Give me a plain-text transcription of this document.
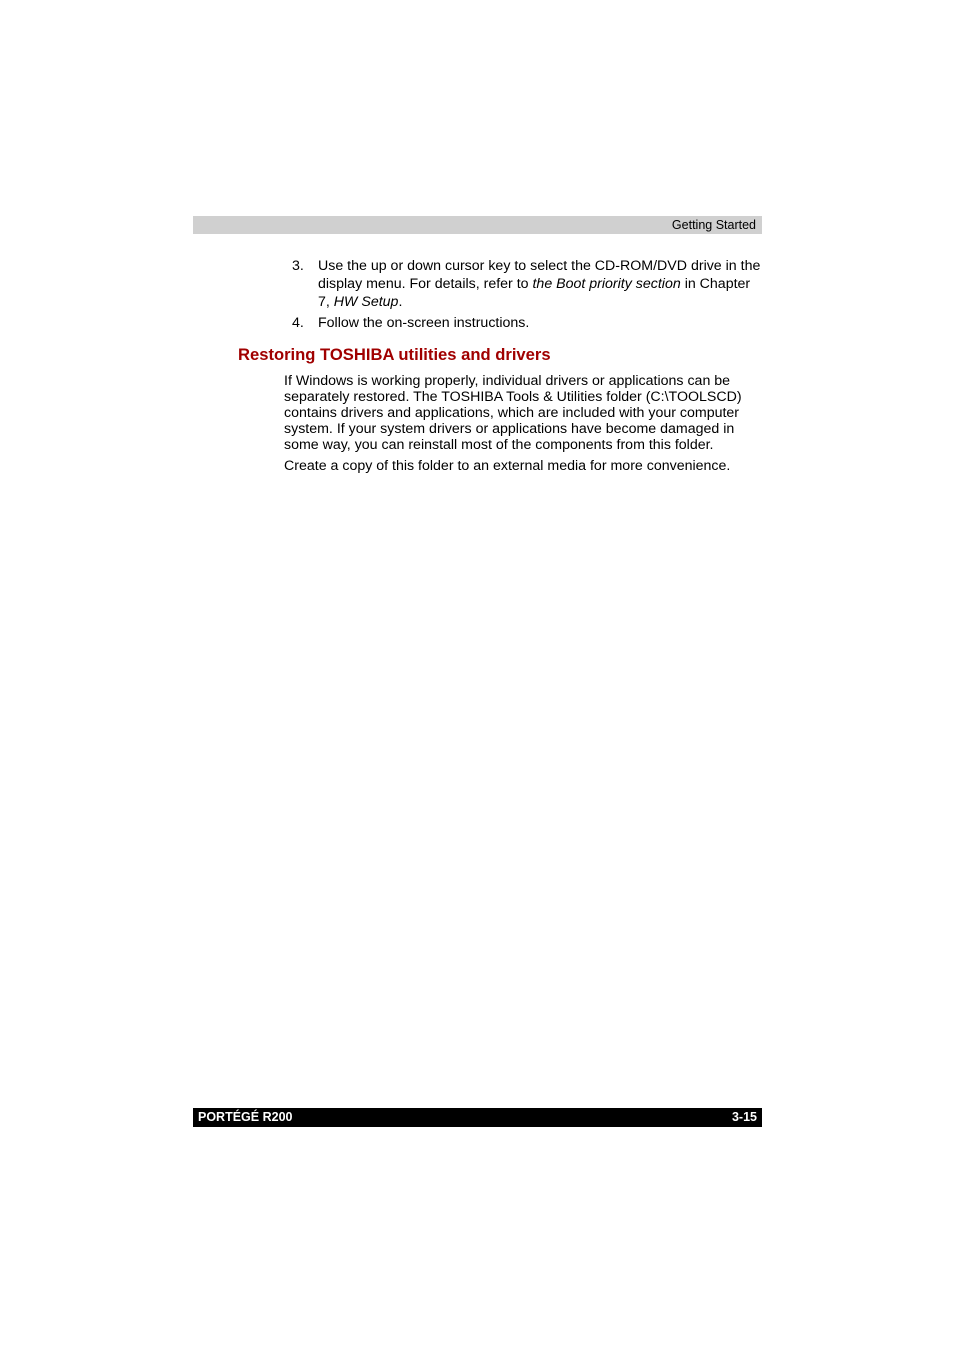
Getting Started
3. Use the up or down cursor key to select the CD-ROM/DVD drive in the display menu. For details, refer to the Boot priority section in Chapter 7, HW Setup.
4. Follow the on-screen instructions.
Restoring TOSHIBA utilities and drivers

If Windows is working properly, individual drivers or applications can be separately restored. The TOSHIBA Tools & Utilities folder (C:\TOOLSCD) contains drivers and applications, which are included with your computer system. If your system drivers or applications have become damaged in some way, you can reinstall most of the components from this folder.

Create a copy of this folder to an external media for more convenience.

PORTÉGÉ R200	3-15
